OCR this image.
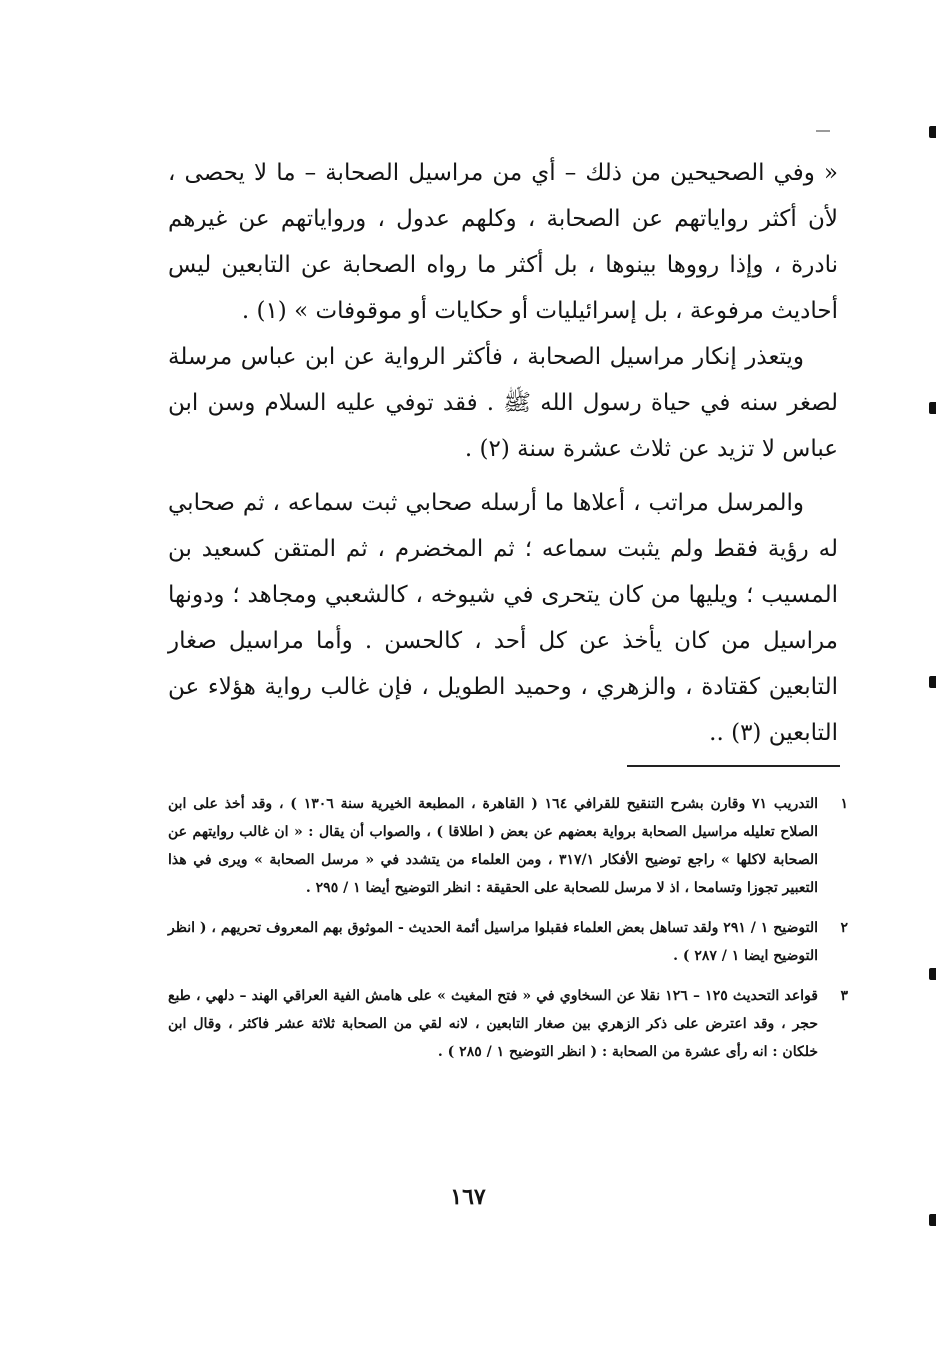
« وفي الصحيحين من ذلك – أي من مراسيل الصحابة – ما لا يحصى ، لأن أكثر رواياتهم عن الصحابة ، وكلهم عدول ، ورواياتهم عن غيرهم نادرة ، وإذا رووها بينوها ، بل أكثر ما رواه الصحابة عن التابعين ليس أحاديث مرفوعة ، بل إسرائيليات أو حكايات أو موقوفات » (١) .

ويتعذر إنكار مراسيل الصحابة ، فأكثر الرواية عن ابن عباس مرسلة لصغر سنه في حياة رسول الله ﷺ . فقد توفي عليه السلام وسن ابن عباس لا تزيد عن ثلاث عشرة سنة (٢) .

والمرسل مراتب ، أعلاها ما أرسله صحابي ثبت سماعه ، ثم صحابي له رؤية فقط ولم يثبت سماعه ؛ ثم المخضرم ، ثم المتقن كسعيد بن المسيب ؛ ويليها من كان يتحرى في شيوخه ، كالشعبي ومجاهد ؛ ودونها مراسيل من كان يأخذ عن كل أحد ، كالحسن . وأما مراسيل صغار التابعين كقتادة ، والزهري ، وحميد الطويل ، فإن غالب رواية هؤلاء عن التابعين (٣) ..

١
التدريب ٧١ وقارن بشرح التنقيح للقرافي ١٦٤ ( القاهرة ، المطبعة الخيرية سنة ١٣٠٦ ) ، وقد أخذ على ابن الصلاح تعليله مراسيل الصحابة برواية بعضهم عن بعض ( اطلاقا ) ، والصواب أن يقال : « ان غالب روايتهم عن الصحابة لاكلها » راجع توضيح الأفكار ٣١٧/١ ، ومن العلماء من يتشدد في « مرسل الصحابة » ويرى في هذا التعبير تجوزا وتسامحا ، اذ لا مرسل للصحابة على الحقيقة : انظر التوضيح أيضا ١ / ٢٩٥ .
٢
التوضيح ١ / ٢٩١ ولقد تساهل بعض العلماء فقبلوا مراسيل أئمة الحديث - الموثوق بهم المعروف تحريهم ، ( انظر التوضيح ايضا ١ / ٢٨٧ ) .
٣
قواعد التحديث ١٢٥ – ١٢٦ نقلا عن السخاوي في « فتح المغيث » على هامش الفية العراقي الهند – دلهي ، طبع حجر ، وقد اعترض على ذكر الزهري بين صغار التابعين ، لانه لقي من الصحابة ثلاثة عشر فاكثر ، وقال ابن خلكان : انه رأى عشرة من الصحابة : ( انظر التوضيح ١ / ٢٨٥ ) .
١٦٧
